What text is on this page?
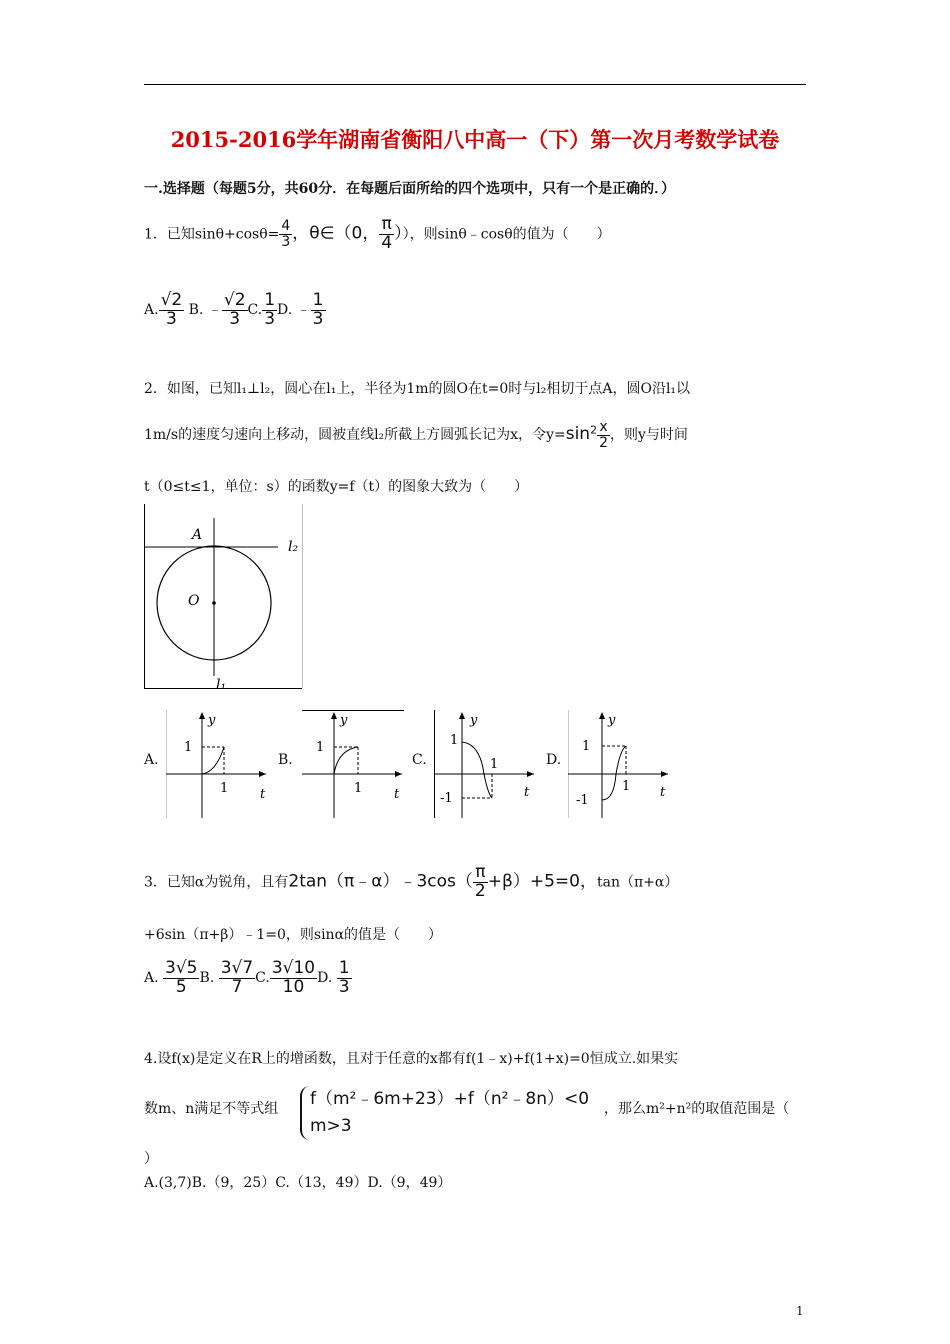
2015-2016学年湖南省衡阳八中高一（下）第一次月考数学试卷
一.选择题（每题5分，共60分．在每题后面所给的四个选项中，只有一个是正确的．）
1．已知$\sin\theta+\cos\theta= \frac{4}{3}$ ，θ∈（0， $\frac{\pi}{4}$ ）），则sinθ﹣cosθ的值为（　　）
A. $\frac{√2}{3} B$. ﹣ $\frac{√2}{3} C$. $\frac{1}{3} D$. ﹣ $\frac{1}{3}$
2．如图，已知l₁⊥l₂，圆心在l₁上，半径为1m的圆O在t=0时与l₂相切于点A，圆O沿l₁以
1m/s的速度匀速向上移动，圆被直线l₂所截上方圆弧长记为x，令$y=\sin^2 \frac{x}{2}$ ，则y与时间
t（0≤t≤1，单位：s）的函数y=f（t）的图象大致为（　　）
A
O
l₂
l₁
A.
y
1
1 t
B.
y
1
1 t
C.
y
1
1
-1	t
D.
y
1
1
-1
t
3．已知α为锐角，且有2tan（π﹣α）﹣3cos（ $\frac{\pi}{2} +\beta)+5=0$，tan（π+α）
+6sin（π+β）﹣1=0，则sinα的值是（　　）
A. $\frac{3√5}{5} B$. $\frac{3√7}{7} C$. $\frac{3√10}{10} D$. $\frac{1}{3}$
4.设f(x)是定义在R上的增函数，且对于任意的x都有f(1﹣x)+f(1+x)=0恒成立.如果实
数m、n满足不等式组 f（m²﹣6m+23）+f（n²﹣8n）<0
m>3
，那么m²+n²的取值范围是（
）
A.(3,7)B.（9，25）C.（13，49）D.（9，49）
1
